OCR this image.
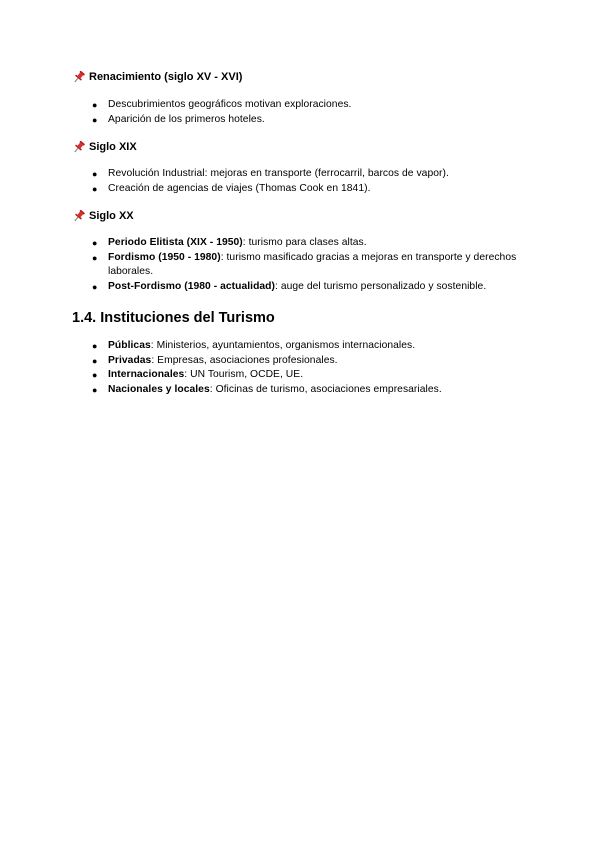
Renacimiento (siglo XV - XVI)
● Descubrimientos geográficos motivan exploraciones.
● Aparición de los primeros hoteles.
Siglo XIX
● Revolución Industrial: mejoras en transporte (ferrocarril, barcos de vapor).
● Creación de agencias de viajes (Thomas Cook en 1841).
Siglo XX
● Periodo Elitista (XIX - 1950): turismo para clases altas.
● Fordismo (1950 - 1980): turismo masificado gracias a mejoras en transporte y derechos laborales.
● Post-Fordismo (1980 - actualidad): auge del turismo personalizado y sostenible.
1.4. Instituciones del Turismo
● Públicas: Ministerios, ayuntamientos, organismos internacionales.
● Privadas: Empresas, asociaciones profesionales.
● Internacionales: UN Tourism, OCDE, UE.
● Nacionales y locales: Oficinas de turismo, asociaciones empresariales.
